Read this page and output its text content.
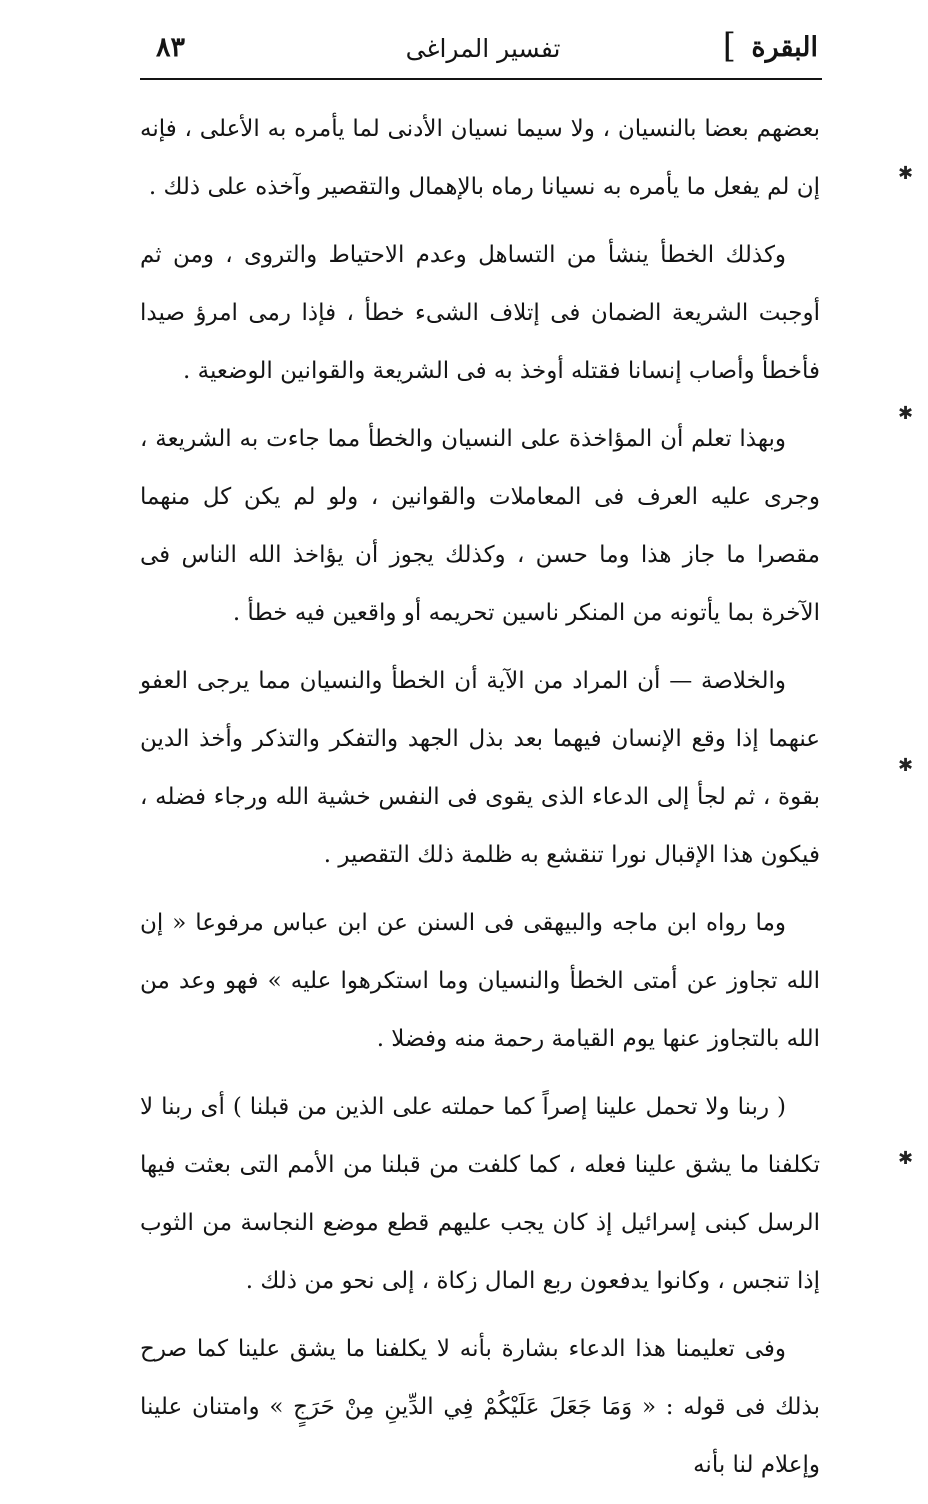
البقرة
]
تفسير المراغى
٨٣

بعضهم بعضا بالنسيان ، ولا سيما نسيان الأدنى لما يأمره به الأعلى ، فإنه إن لم يفعل ما يأمره به نسيانا رماه بالإهمال والتقصير وآخذه على ذلك .

وكذلك الخطأ ينشأ من التساهل وعدم الاحتياط والتروى ، ومن ثم أوجبت الشريعة الضمان فى إتلاف الشىء خطأ ، فإذا رمى امرؤ صيدا فأخطأ وأصاب إنسانا فقتله أوخذ به فى الشريعة والقوانين الوضعية .

وبهذا تعلم أن المؤاخذة على النسيان والخطأ مما جاءت به الشريعة ، وجرى عليه العرف فى المعاملات والقوانين ، ولو لم يكن كل منهما مقصرا ما جاز هذا وما حسن ، وكذلك يجوز أن يؤاخذ الله الناس فى الآخرة بما يأتونه من المنكر ناسين تحريمه أو واقعين فيه خطأ .

والخلاصة — أن المراد من الآية أن الخطأ والنسيان مما يرجى العفو عنهما إذا وقع الإنسان فيهما بعد بذل الجهد والتفكر والتذكر وأخذ الدين بقوة ، ثم لجأ إلى الدعاء الذى يقوى فى النفس خشية الله ورجاء فضله ، فيكون هذا الإقبال نورا تنقشع به ظلمة ذلك التقصير .

وما رواه ابن ماجه والبيهقى فى السنن عن ابن عباس مرفوعا « إن الله تجاوز عن أمتى الخطأ والنسيان وما استكرهوا عليه » فهو وعد من الله بالتجاوز عنها يوم القيامة رحمة منه وفضلا .

( ربنا ولا تحمل علينا إصراً كما حملته على الذين من قبلنا ) أى ربنا لا تكلفنا ما يشق علينا فعله ، كما كلفت من قبلنا من الأمم التى بعثت فيها الرسل كبنى إسرائيل إذ كان يجب عليهم قطع موضع النجاسة من الثوب إذا تنجس ، وكانوا يدفعون ربع المال زكاة ، إلى نحو من ذلك .

وفى تعليمنا هذا الدعاء بشارة بأنه لا يكلفنا ما يشق علينا كما صرح بذلك فى قوله : « وَمَا جَعَلَ عَلَيْكُمْ فِي الدِّينِ مِنْ حَرَجٍ » وامتنان علينا وإعلام لنا بأنه

✱
✱
✱
✱
